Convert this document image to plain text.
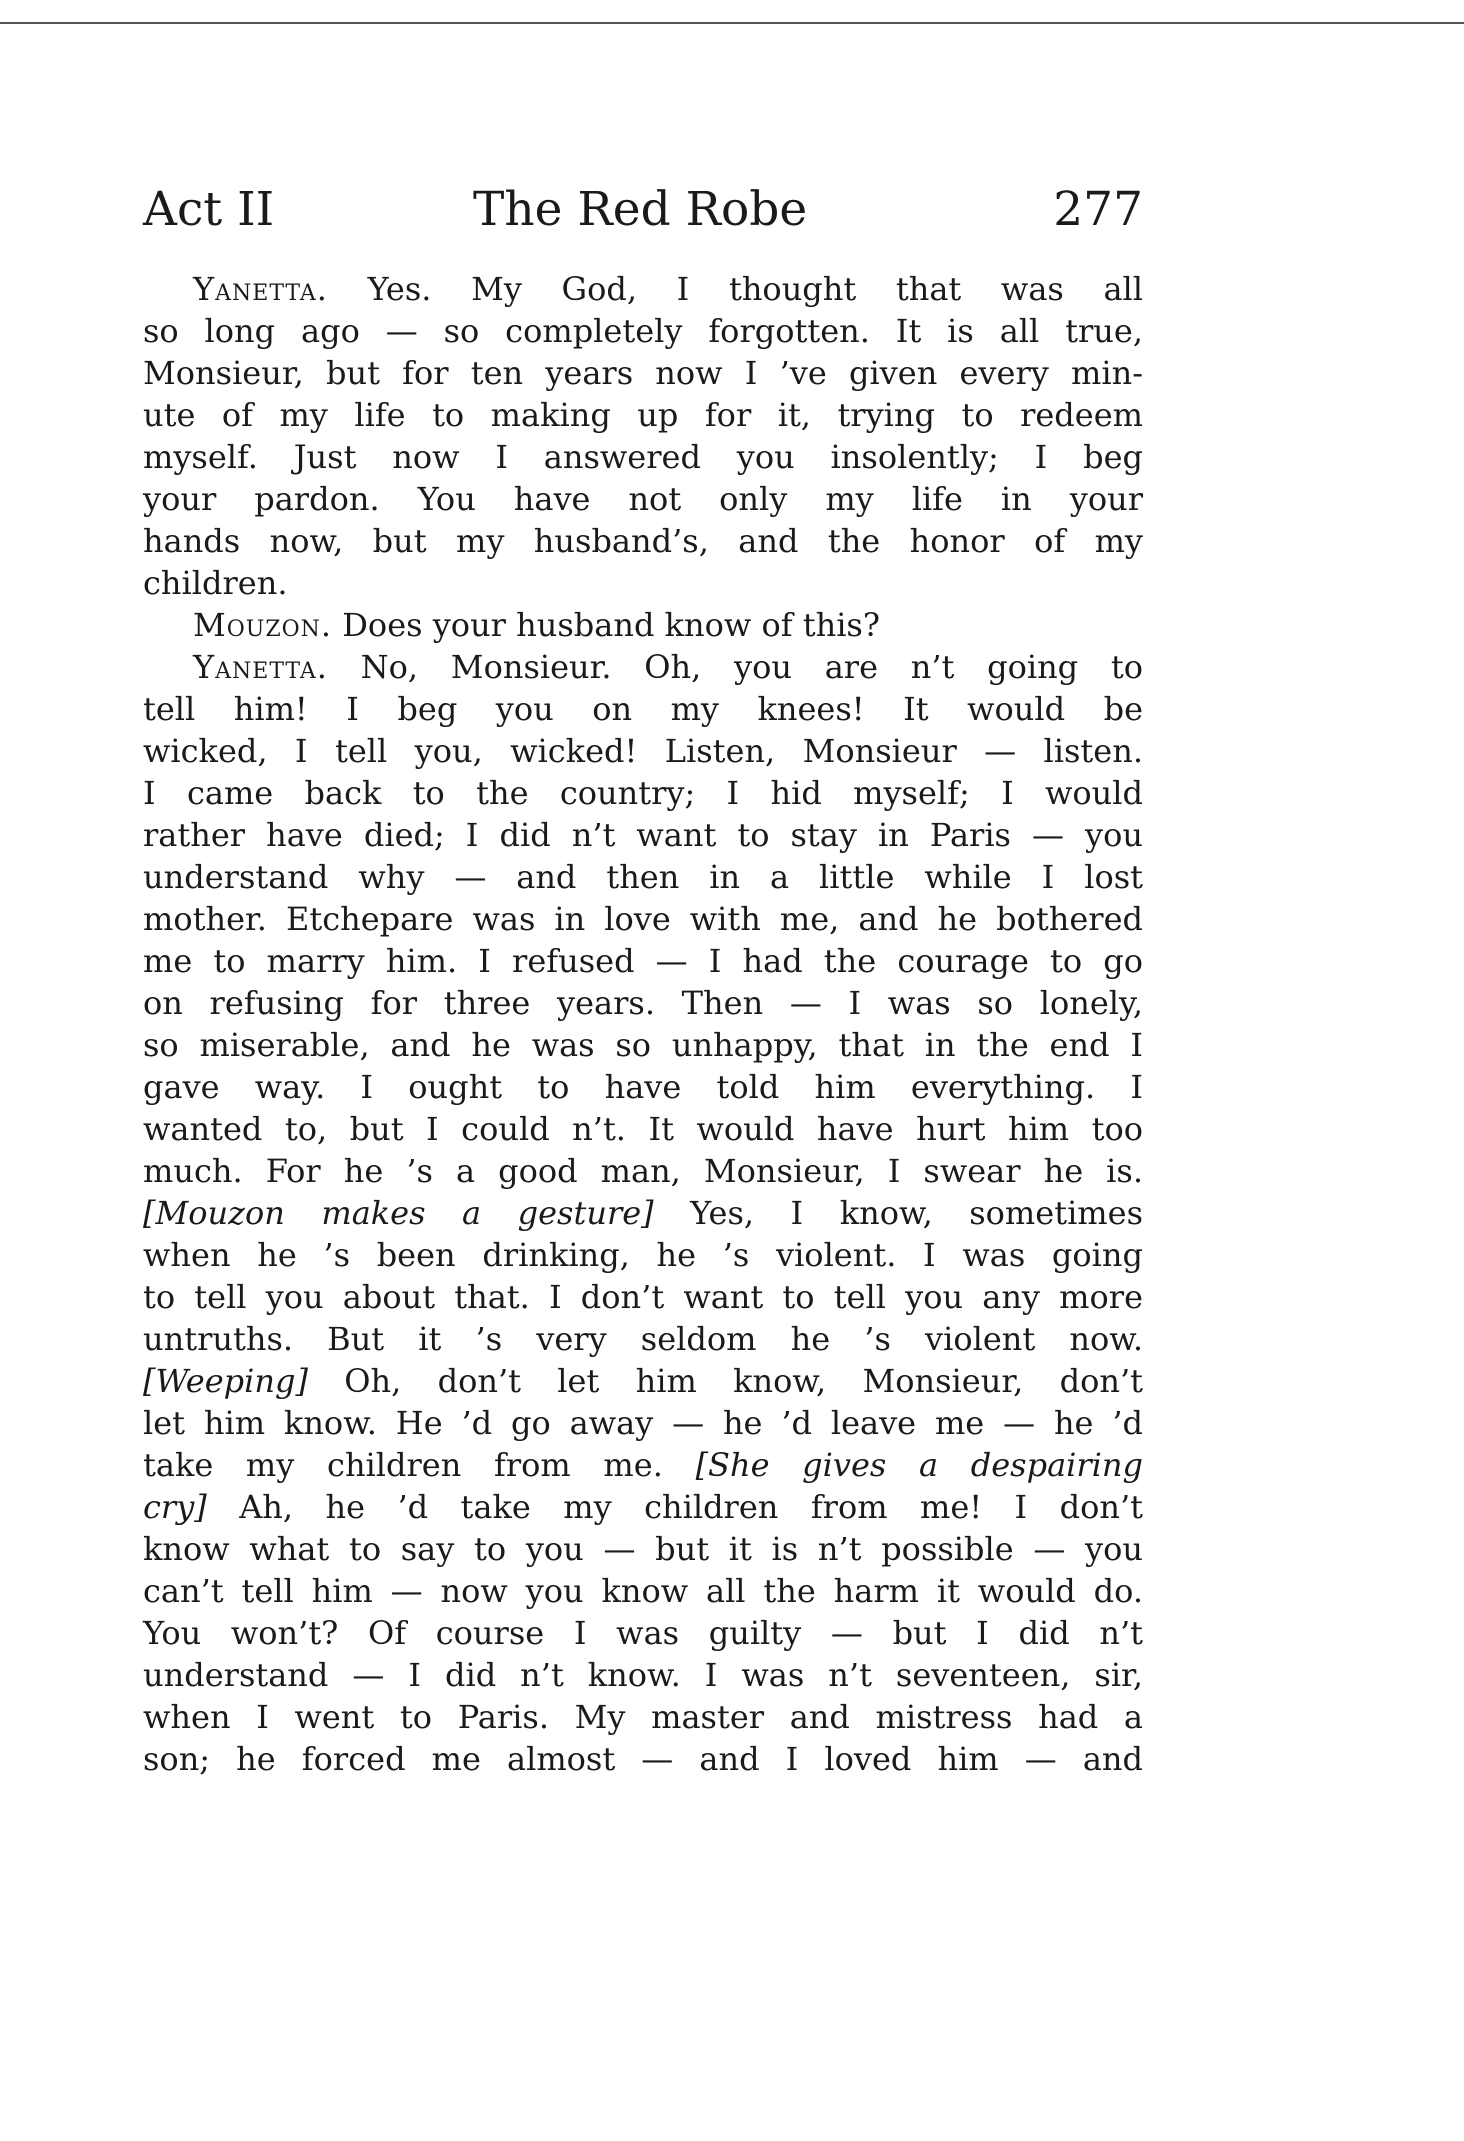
Act II	The Red Robe	277
Yanetta. Yes. My God, I thought that was all
so long ago — so completely forgotten. It is all true,
Monsieur, but for ten years now I ’ve given every min-
ute of my life to making up for it, trying to redeem
myself. Just now I answered you insolently; I beg
your pardon. You have not only my life in your
hands now, but my husband’s, and the honor of my
children.
Mouzon. Does your husband know of this?
Yanetta. No, Monsieur. Oh, you are n’t going to
tell him! I beg you on my knees! It would be
wicked, I tell you, wicked! Listen, Monsieur — listen.
I came back to the country; I hid myself; I would
rather have died; I did n’t want to stay in Paris — you
understand why — and then in a little while I lost
mother. Etchepare was in love with me, and he bothered
me to marry him. I refused — I had the courage to go
on refusing for three years. Then — I was so lonely,
so miserable, and he was so unhappy, that in the end I
gave way. I ought to have told him everything. I
wanted to, but I could n’t. It would have hurt him too
much. For he ’s a good man, Monsieur, I swear he is.
[Mouzon makes a gesture] Yes, I know, sometimes
when he ’s been drinking, he ’s violent. I was going
to tell you about that. I don’t want to tell you any more
untruths. But it ’s very seldom he ’s violent now.
[Weeping] Oh, don’t let him know, Monsieur, don’t
let him know. He ’d go away — he ’d leave me — he ’d
take my children from me. [She gives a despairing
cry] Ah, he ’d take my children from me! I don’t
know what to say to you — but it is n’t possible — you
can’t tell him — now you know all the harm it would do.
You won’t? Of course I was guilty — but I did n’t
understand — I did n’t know. I was n’t seventeen, sir,
when I went to Paris. My master and mistress had a
son; he forced me almost — and I loved him — and
